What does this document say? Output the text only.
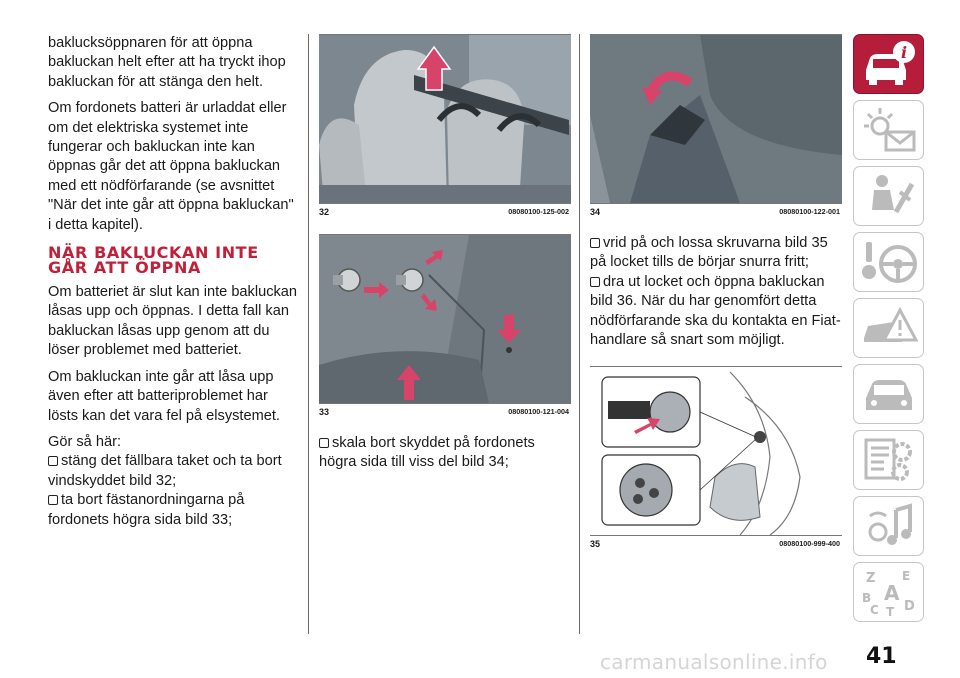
baklucksöppnaren för att öppna bakluckan helt efter att ha tryckt ihop bakluckan för att stänga den helt.

Om fordonets batteri är urladdat eller om det elektriska systemet inte fungerar och bakluckan inte kan öppnas går det att öppna bakluckan med ett nödförfarande (se avsnittet "När det inte går att öppna bakluckan" i detta kapitel).

NÄR BAKLUCKAN INTE GÅR ATT ÖPPNA

Om batteriet är slut kan inte bakluckan låsas upp och öppnas. I detta fall kan bakluckan låsas upp genom att du löser problemet med batteriet.

Om bakluckan inte går att låsa upp även efter att batteriproblemet har lösts kan det vara fel på elsystemet.

Gör så här:

stäng det fällbara taket och ta bort vindskyddet bild 32;
ta bort fästanordningarna på fordonets högra sida bild 33;
32	08080100-125-002
33	08080100-121-004
skala bort skyddet på fordonets högra sida till viss del bild 34;
34	08080100-122-001
vrid på och lossa skruvarna bild 35 på locket tills de börjar snurra fritt;
dra ut locket och öppna bakluckan bild 36. När du har genomfört detta nödförfarande ska du kontakta en Fiat-handlare så snart som möjligt.
35	08080100-999-400
i
Z E
B A
C T D
carmanualsonline.info 41
